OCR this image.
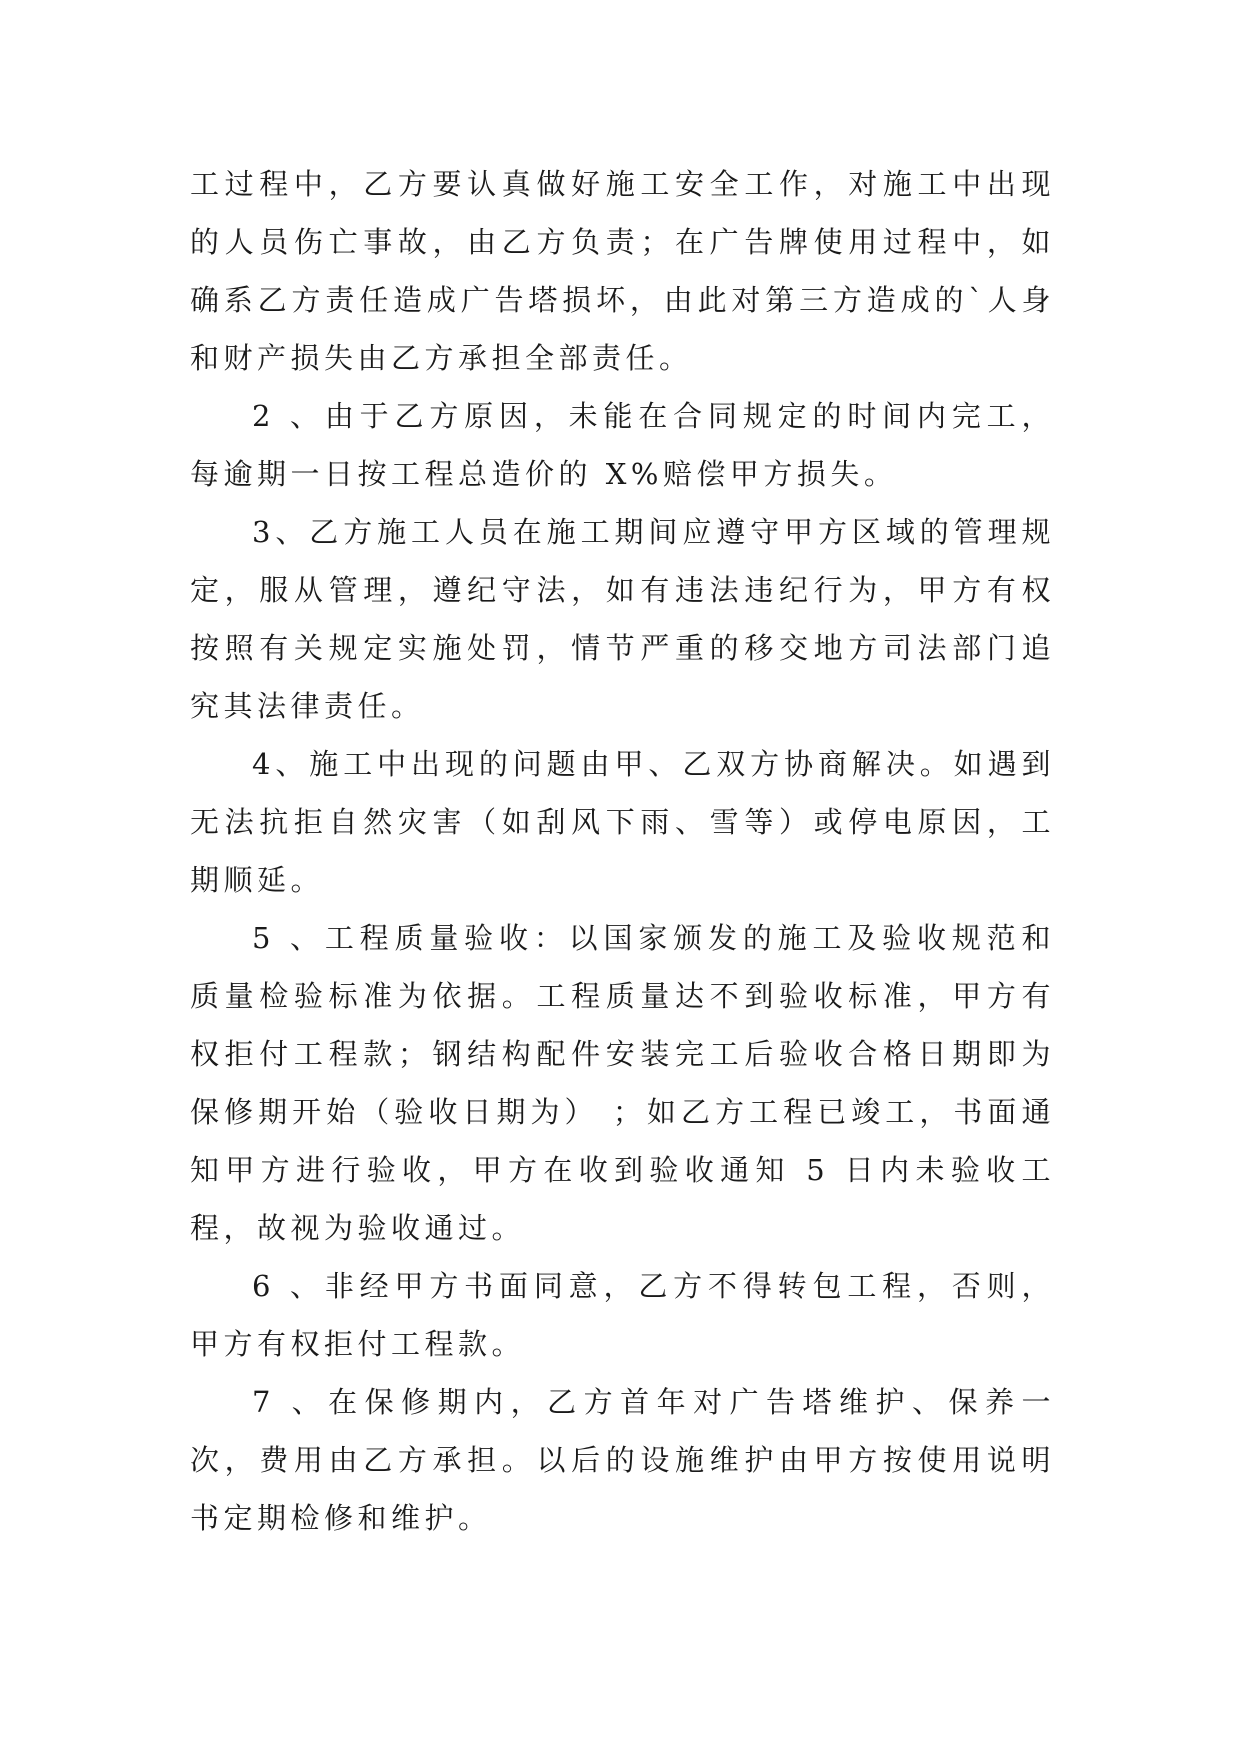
工过程中，乙方要认真做好施工安全工作，对施工中出现的人员伤亡事故，由乙方负责；在广告牌使用过程中，如确系乙方责任造成广告塔损坏，由此对第三方造成的`人身和财产损失由乙方承担全部责任。

2 、由于乙方原因，未能在合同规定的时间内完工，每逾期一日按工程总造价的 X%赔偿甲方损失。

3、乙方施工人员在施工期间应遵守甲方区域的管理规定，服从管理，遵纪守法，如有违法违纪行为，甲方有权按照有关规定实施处罚，情节严重的移交地方司法部门追究其法律责任。

4、施工中出现的问题由甲、乙双方协商解决。如遇到无法抗拒自然灾害（如刮风下雨、雪等）或停电原因，工期顺延。

5 、工程质量验收：以国家颁发的施工及验收规范和质量检验标准为依据。工程质量达不到验收标准，甲方有权拒付工程款；钢结构配件安装完工后验收合格日期即为保修期开始（验收日期为） ；如乙方工程已竣工，书面通知甲方进行验收，甲方在收到验收通知 5 日内未验收工程，故视为验收通过。

6 、非经甲方书面同意，乙方不得转包工程，否则，甲方有权拒付工程款。

7 、在保修期内，乙方首年对广告塔维护、保养一次，费用由乙方承担。以后的设施维护由甲方按使用说明书定期检修和维护。
